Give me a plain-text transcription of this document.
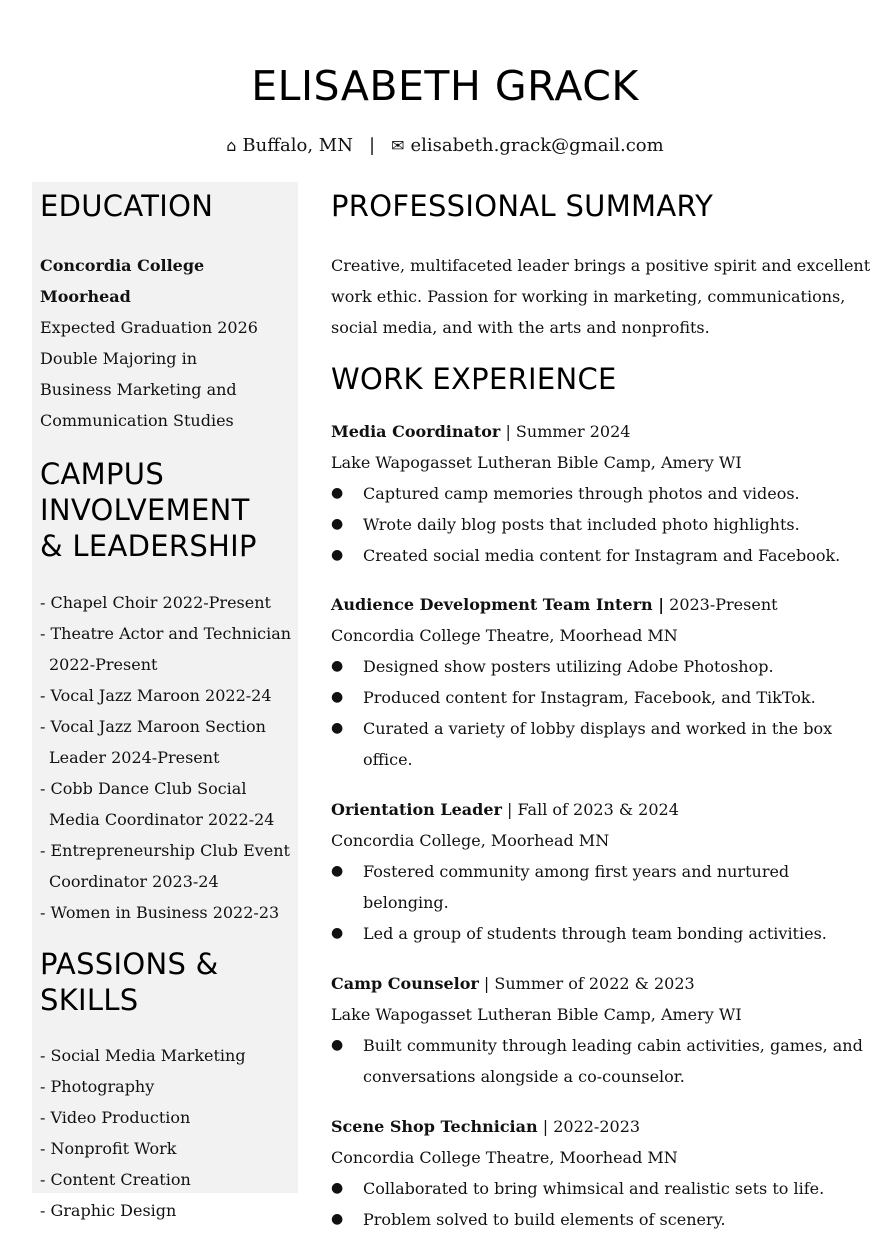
ELISABETH GRACK
⌂ Buffalo, MN | ✉ elisabeth.grack@gmail.com
EDUCATION
Concordia College Moorhead
Expected Graduation 2026
Double Majoring in
Business Marketing and
Communication Studies
CAMPUS
INVOLVEMENT
& LEADERSHIP
- Chapel Choir 2022-Present
- Theatre Actor and Technician 2022-Present
- Vocal Jazz Maroon 2022-24
- Vocal Jazz Maroon Section Leader 2024-Present
- Cobb Dance Club Social Media Coordinator 2022-24
- Entrepreneurship Club Event Coordinator 2023-24
- Women in Business 2022-23
PASSIONS &
SKILLS
- Social Media Marketing
- Photography
- Video Production
- Nonprofit Work
- Content Creation
- Graphic Design
PROFESSIONAL SUMMARY
Creative, multifaceted leader brings a positive spirit and excellent work ethic. Passion for working in marketing, communications, social media, and with the arts and nonprofits.
WORK EXPERIENCE
Media Coordinator | Summer 2024
Lake Wapogasset Lutheran Bible Camp, Amery WI
● Captured camp memories through photos and videos.
● Wrote daily blog posts that included photo highlights.
● Created social media content for Instagram and Facebook.
Audience Development Team Intern | 2023-Present
Concordia College Theatre, Moorhead MN
● Designed show posters utilizing Adobe Photoshop.
● Produced content for Instagram, Facebook, and TikTok.
● Curated a variety of lobby displays and worked in the box office.
Orientation Leader | Fall of 2023 & 2024
Concordia College, Moorhead MN
● Fostered community among first years and nurtured belonging.
● Led a group of students through team bonding activities.
Camp Counselor | Summer of 2022 & 2023
Lake Wapogasset Lutheran Bible Camp, Amery WI
● Built community through leading cabin activities, games, and conversations alongside a co-counselor.
Scene Shop Technician | 2022-2023
Concordia College Theatre, Moorhead MN
● Collaborated to bring whimsical and realistic sets to life.
● Problem solved to build elements of scenery.
